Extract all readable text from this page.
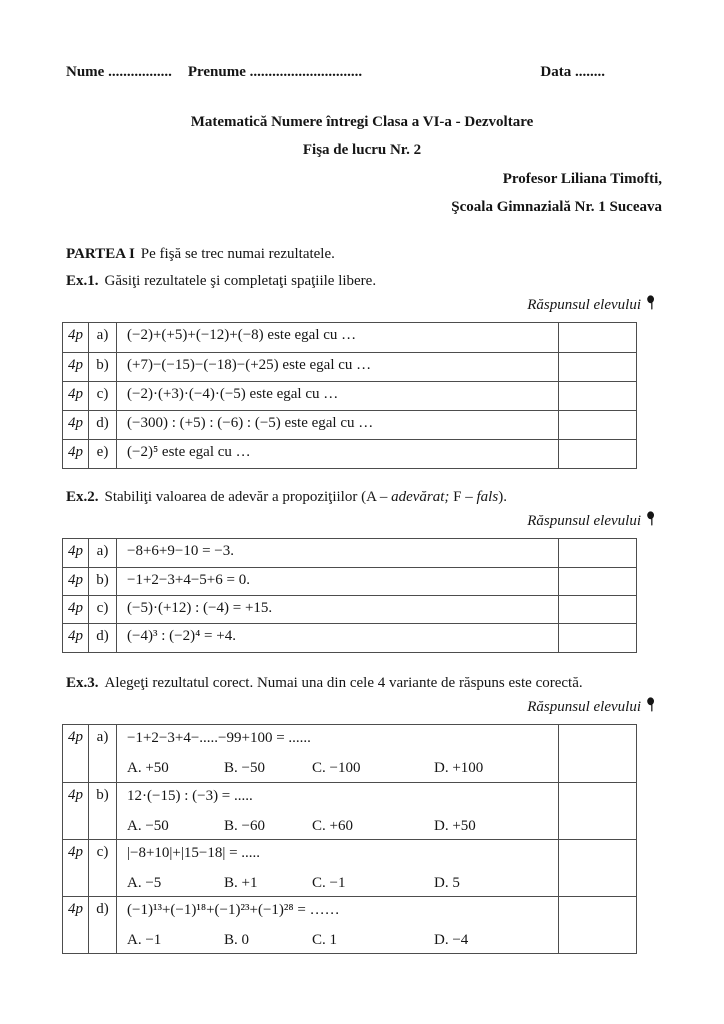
Nume ................. Prenume ..............................	Data ........
Matematică Numere întregi Clasa a VI-a - Dezvoltare
Fişa de lucru Nr. 2
Profesor Liliana Timofti,
Şcoala Gimnazială Nr. 1 Suceava
PARTEA I Pe fişă se trec numai rezultatele.
Ex.1. Găsiţi rezultatele şi completaţi spaţiile libere.
Răspunsul elevului
4p a)	(−2)+(+5)+(−12)+(−8) este egal cu …
4p b)	(+7)−(−15)−(−18)−(+25) este egal cu …
4p c)	(−2)·(+3)·(−4)·(−5) este egal cu …
4p d)	(−300) : (+5) : (−6) : (−5) este egal cu …
4p e)	(−2)⁵ este egal cu …
Ex.2. Stabiliţi valoarea de adevăr a propoziţiilor (A – adevărat; F – fals).
Răspunsul elevului
4p a)	−8+6+9−10 = −3.
4p b)	−1+2−3+4−5+6 = 0.
4p c)	(−5)·(+12) : (−4) = +15.
4p d)	(−4)³ : (−2)⁴ = +4.
Ex.3. Alegeţi rezultatul corect. Numai una din cele 4 variante de răspuns este corectă.
Răspunsul elevului
4p a)	−1+2−3+4−.....−99+100 = ......
A. +50	B. −50	C. −100	D. +100
4p b)	12·(−15) : (−3) = .....
A. −50	B. −60	C. +60	D. +50
4p c)	|−8+10|+|15−18| = .....
A. −5	B. +1	C. −1	D. 5
4p d)	(−1)¹³+(−1)¹⁸+(−1)²³+(−1)²⁸ = ……
A. −1	B. 0	C. 1	D. −4
